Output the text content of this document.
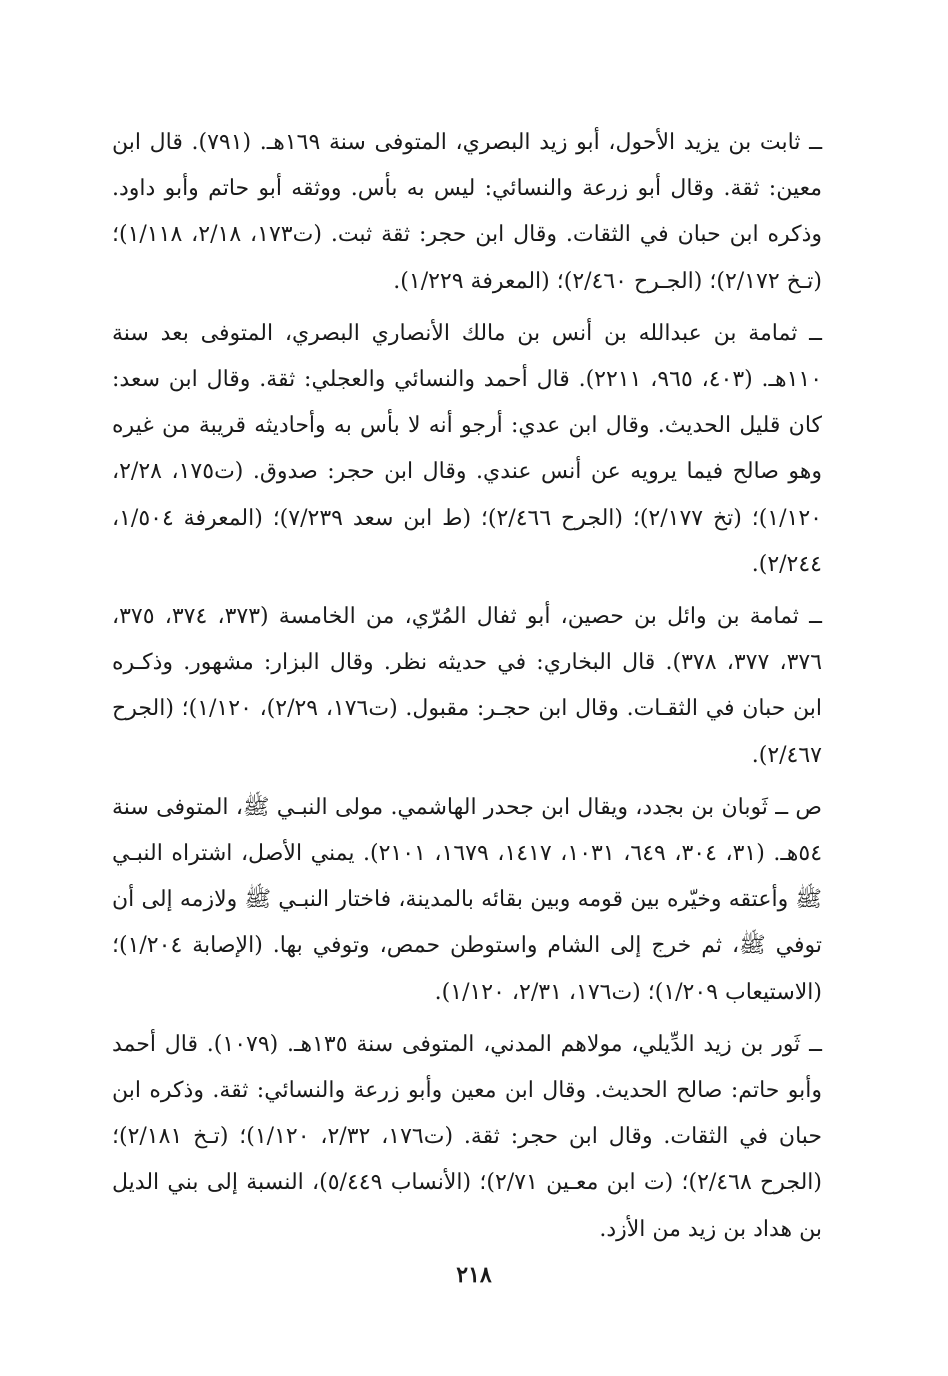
ــ ثابت بن يزيد الأحول، أبو زيد البصري، المتوفى سنة ١٦٩هـ. (٧٩١). قال ابن معين: ثقة. وقال أبو زرعة والنسائي: ليس به بأس. ووثقه أبو حاتم وأبو داود. وذكره ابن حبان في الثقات. وقال ابن حجر: ثقة ثبت. (ت١٧٣، ٢/١٨، ١/١١٨)؛ (تـخ ٢/١٧٢)؛ (الجـرح ٢/٤٦٠)؛ (المعرفة ١/٢٢٩).

ــ ثمامة بن عبدالله بن أنس بن مالك الأنصاري البصري، المتوفى بعد سنة ١١٠هـ. (٤٠٣، ٩٦٥، ٢٢١١). قال أحمد والنسائي والعجلي: ثقة. وقال ابن سعد: كان قليل الحديث. وقال ابن عدي: أرجو أنه لا بأس به وأحاديثه قريبة من غيره وهو صالح فيما يرويه عن أنس عندي. وقال ابن حجر: صدوق. (ت١٧٥، ٢/٢٨، ١/١٢٠)؛ (تخ ٢/١٧٧)؛ (الجرح ٢/٤٦٦)؛ (ط ابن سعد ٧/٢٣٩)؛ (المعرفة ١/٥٠٤، ٢/٢٤٤).

ــ ثمامة بن وائل بن حصين، أبو ثفال المُرّي، من الخامسة (٣٧٣، ٣٧٤، ٣٧٥، ٣٧٦، ٣٧٧، ٣٧٨). قال البخاري: في حديثه نظر. وقال البزار: مشهور. وذكـره ابن حبان في الثقـات. وقال ابن حجـر: مقبول. (ت١٧٦، ٢/٢٩)، ١/١٢٠)؛ (الجرح ٢/٤٦٧).

ص ــ ثَوبان بن بجدد، ويقال ابن جحدر الهاشمي. مولى النبـي ﷺ، المتوفى سنة ٥٤هـ. (٣١، ٣٠٤، ٦٤٩، ١٠٣١، ١٤١٧، ١٦٧٩، ٢١٠١). يمني الأصل، اشتراه النبـي ﷺ وأعتقه وخيّره بين قومه وبين بقائه بالمدينة، فاختار النبـي ﷺ ولازمه إلى أن توفي ﷺ، ثم خرج إلى الشام واستوطن حمص، وتوفي بها. (الإصابة ١/٢٠٤)؛ (الاستيعاب ١/٢٠٩)؛ (ت١٧٦، ٢/٣١، ١/١٢٠).

ــ ثَور بن زيد الدِّيلي، مولاهم المدني، المتوفى سنة ١٣٥هـ. (١٠٧٩). قال أحمد وأبو حاتم: صالح الحديث. وقال ابن معين وأبو زرعة والنسائي: ثقة. وذكره ابن حبان في الثقات. وقال ابن حجر: ثقة. (ت١٧٦، ٢/٣٢، ١/١٢٠)؛ (تـخ ٢/١٨١)؛ (الجرح ٢/٤٦٨)؛ (ت ابن معـين ٢/٧١)؛ (الأنساب ٥/٤٤٩)، النسبة إلى بني الديل بن هداد بن زيد من الأزد.

٢١٨
